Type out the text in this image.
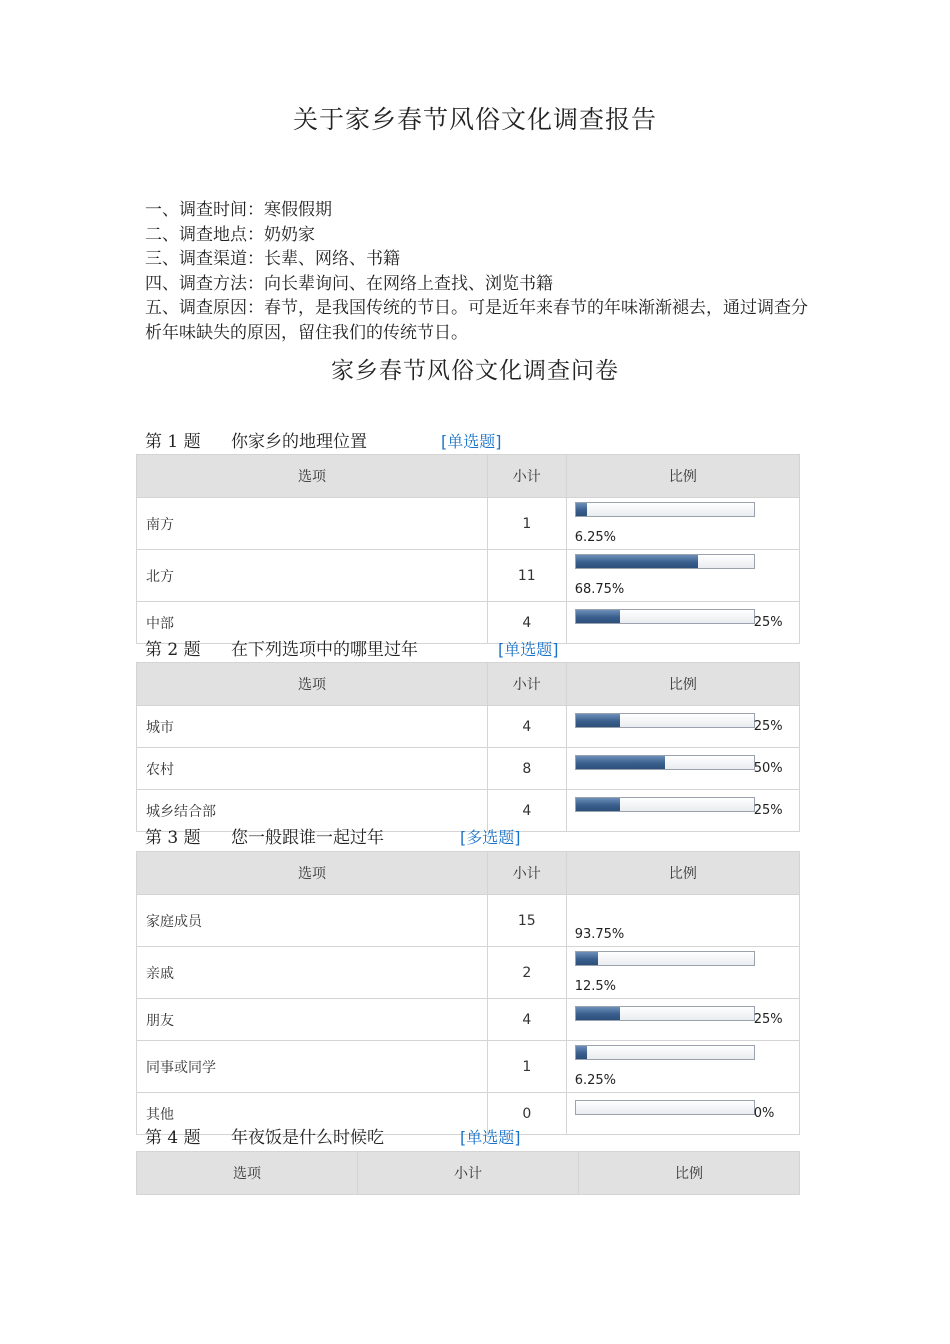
关于家乡春节风俗文化调查报告
一、调查时间：寒假假期
二、调查地点：奶奶家
三、调查渠道：长辈、网络、书籍
四、调查方法：向长辈询问、在网络上查找、浏览书籍
五、调查原因：春节，是我国传统的节日。可是近年来春节的年味渐渐褪去，通过调查分析年味缺失的原因，留住我们的传统节日。
家乡春节风俗文化调查问卷
第 1 题 你家乡的地理位置	[单选题]
选项	小计	比例
南方	1	6.25%

北方	11	68.75%

中部	4	25%
第 2 题 在下列选项中的哪里过年	[单选题]
选项	小计	比例
城市	4	25%

农村	8	50%

城乡结合部	4	25%
第 3 题 您一般跟谁一起过年	[多选题]
选项	小计	比例
家庭成员	15	93.75%

亲戚	2	12.5%

朋友	4	25%

同事或同学	1	6.25%

其他	0	0%
第 4 题 年夜饭是什么时候吃	[单选题]
选项	小计	比例
